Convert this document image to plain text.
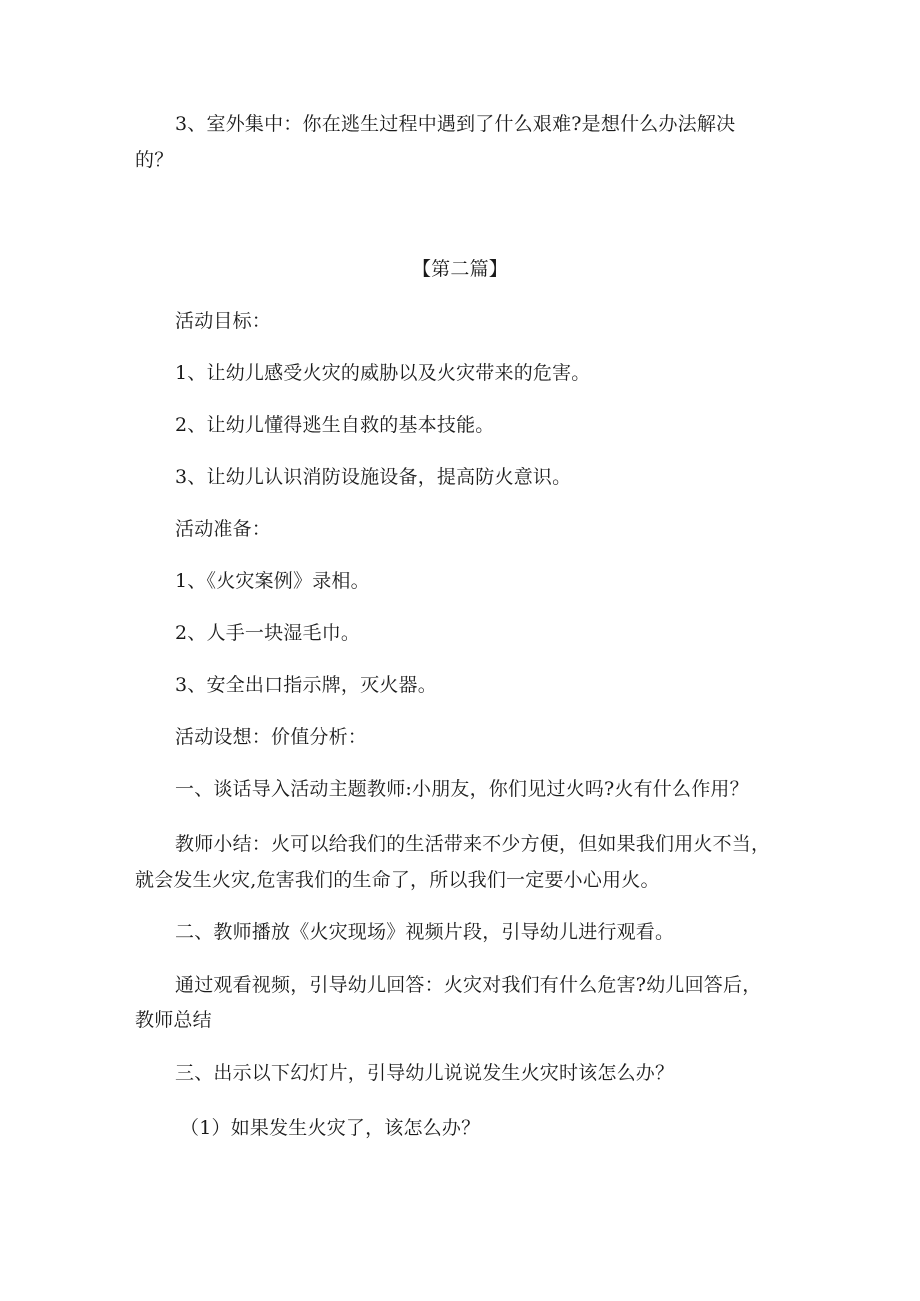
3、室外集中：你在逃生过程中遇到了什么艰难?是想什么办法解决

的？

【第二篇】

活动目标：

1、让幼儿感受火灾的威胁以及火灾带来的危害。

2、让幼儿懂得逃生自救的基本技能。

3、让幼儿认识消防设施设备，提高防火意识。

活动准备：

1、《火灾案例》录相。

2、人手一块湿毛巾。

3、安全出口指示牌，灭火器。

活动设想：价值分析：

一、谈话导入活动主题教师:小朋友，你们见过火吗?火有什么作用？

教师小结：火可以给我们的生活带来不少方便，但如果我们用火不当，

就会发生火灾,危害我们的生命了，所以我们一定要小心用火。

二、教师播放《火灾现场》视频片段，引导幼儿进行观看。

通过观看视频，引导幼儿回答：火灾对我们有什么危害?幼儿回答后，

教师总结

三、出示以下幻灯片，引导幼儿说说发生火灾时该怎么办？

（1）如果发生火灾了，该怎么办？
